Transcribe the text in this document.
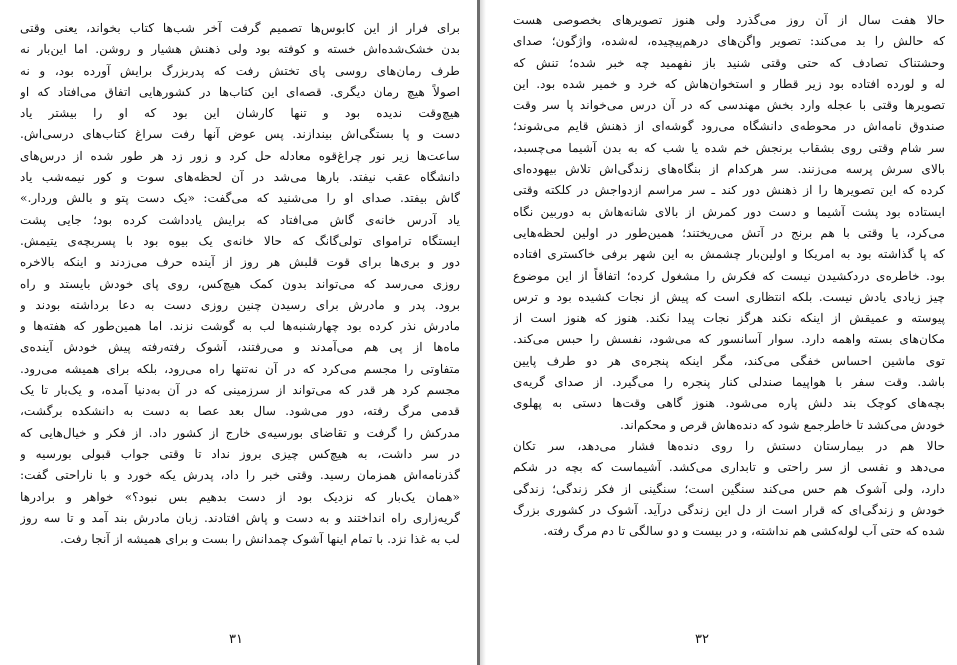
برای فرار از این کابوس‌ها تصمیم گرفت آخر شب‌ها کتاب بخواند، یعنی وقتی
بدن خشک‌شده‌اش خسته و کوفته بود ولی ذهنش هشیار و روشن. اما این‌بار نه
طرف رمان‌های روسی پای تختش رفت که پدربزرگ برایش آورده بود، و نه
اصولاً هیچ رمان دیگری. قصه‌ای این کتاب‌ها در کشورهایی اتفاق می‌افتاد که او
هیچ‌وقت ندیده بود و تنها کارشان این بود که او را بیشتر یاد
دست و پا بستگی‌اش بیندازند. پس عوض آنها رفت سراغ کتاب‌های درسی‌اش.
ساعت‌ها زیر نور چراغ‌قوه معادله حل کرد و زور زد هر طور شده از درس‌های
دانشگاه عقب نیفتد. بارها می‌شد در آن لحظه‌های سوت و کور نیمه‌شب یاد
گاش بیفتد. صدای او را می‌شنید که می‌گفت: «یک دست پتو و بالش وردار.»
یاد آدرس خانه‌ی گاش می‌افتاد که برایش یادداشت کرده بود؛ جایی پشت
ایستگاه تراموای تولی‌گانگ که حالا خانه‌ی یک بیوه بود با پسربچه‌ی یتیمش.
دور و بری‌ها برای قوت قلبش هر روز از آینده حرف می‌زدند و اینکه بالاخره
روزی می‌رسد که می‌تواند بدون کمک هیچ‌کس، روی پای خودش بایستد و راه
برود. پدر و مادرش برای رسیدن چنین روزی دست به دعا برداشته بودند و
مادرش نذر کرده بود چهارشنبه‌ها لب به گوشت نزند. اما همین‌طور که هفته‌ها و
ماه‌ها از پی هم می‌آمدند و می‌رفتند، آشوک رفته‌رفته پیش خودش آینده‌ی
متفاوتی را مجسم می‌کرد که در آن نه‌تنها راه می‌رود، بلکه برای همیشه می‌رود.
مجسم کرد هر قدر که می‌تواند از سرزمینی که در آن به‌دنیا آمده، و یک‌بار تا یک
قدمی مرگ رفته، دور می‌شود. سال بعد عصا به دست به دانشکده برگشت،
مدرکش را گرفت و تقاضای بورسیه‌ی خارج از کشور داد. از فکر و خیال‌هایی که
در سر داشت، به هیچ‌کس چیزی بروز نداد تا وقتی جواب قبولی بورسیه و
گذرنامه‌اش همزمان رسید. وقتی خبر را داد، پدرش یکه خورد و با ناراحتی گفت:
«همان یک‌بار که نزدیک بود از دست بدهیم بس نبود؟» خواهر و برادرها
گریه‌زاری راه انداختند و به دست و پاش افتادند. زبان مادرش بند آمد و تا سه روز
لب به غذا نزد. با تمام اینها آشوک چمدانش را بست و برای همیشه از آنجا رفت.
۳۱
حالا هفت سال از آن روز می‌گذرد ولی هنوز تصویرهای بخصوصی هست
که حالش را بد می‌کند: تصویر واگن‌های درهم‌پیچیده، له‌شده، واژگون؛ صدای
وحشتناک تصادف که حتی وقتی شنید باز نفهمید چه خبر شده؛ تنش که
له و لورده افتاده بود زیر قطار و استخوان‌هاش که خرد و خمیر شده بود. این
تصویرها وقتی با عجله وارد بخش مهندسی که در آن درس می‌خواند پا سر وقت
صندوق نامه‌اش در محوطه‌ی دانشگاه می‌رود گوشه‌ای از ذهنش قایم می‌شوند؛
سر شام وقتی روی بشقاب برنجش خم شده یا شب که به بدن آشیما می‌چسبد،
بالای سرش پرسه می‌زنند. سر هرکدام از بنگاه‌های زندگی‌اش تلاش بیهوده‌ای
کرده که این تصویرها را از ذهنش دور کند ـ سر مراسم ازدواجش در کلکته وقتی
ایستاده بود پشت آشیما و دست دور کمرش از بالای شانه‌هاش به دوربین نگاه
می‌کرد، یا وقتی با هم برنج در آتش می‌ریختند؛ همین‌طور در اولین لحظه‌هایی
که پا گذاشته بود به امریکا و اولین‌بار چشمش به این شهر برفی خاکستری افتاده
بود. خاطره‌ی دردکشیدن نیست که فکرش را مشغول کرده؛ اتفاقاً از این موضوع
چیز زیادی یادش نیست. بلکه انتظاری است که پیش از نجات کشیده بود و ترس
پیوسته و عمیقش از اینکه نکند هرگز نجات پیدا نکند. هنوز که هنوز است از
مکان‌های بسته واهمه دارد. سوار آسانسور که می‌شود، نفسش را حبس می‌کند.
توی ماشین احساس خفگی می‌کند، مگر اینکه پنجره‌ی هر دو طرف پایین
باشد. وقت سفر با هواپیما صندلی کنار پنجره را می‌گیرد. از صدای گریه‌ی
بچه‌های کوچک بند دلش پاره می‌شود. هنوز گاهی وقت‌ها دستی به پهلوی
خودش می‌کشد تا خاطرجمع شود که دنده‌هاش قرص و محکم‌اند.
حالا هم در بیمارستان دستش را روی دنده‌ها فشار می‌دهد، سر تکان
می‌دهد و نفسی از سر راحتی و تابداری می‌کشد. آشیماست که بچه در شکم
دارد، ولی آشوک هم حس می‌کند سنگین است؛ سنگینی از فکر زندگی؛ زندگی
خودش و زندگی‌ای که قرار است از دل این زندگی درآید. آشوک در کشوری بزرگ
شده که حتی آب لوله‌کشی هم نداشته، و در بیست و دو سالگی تا دم مرگ رفته.
۳۲
